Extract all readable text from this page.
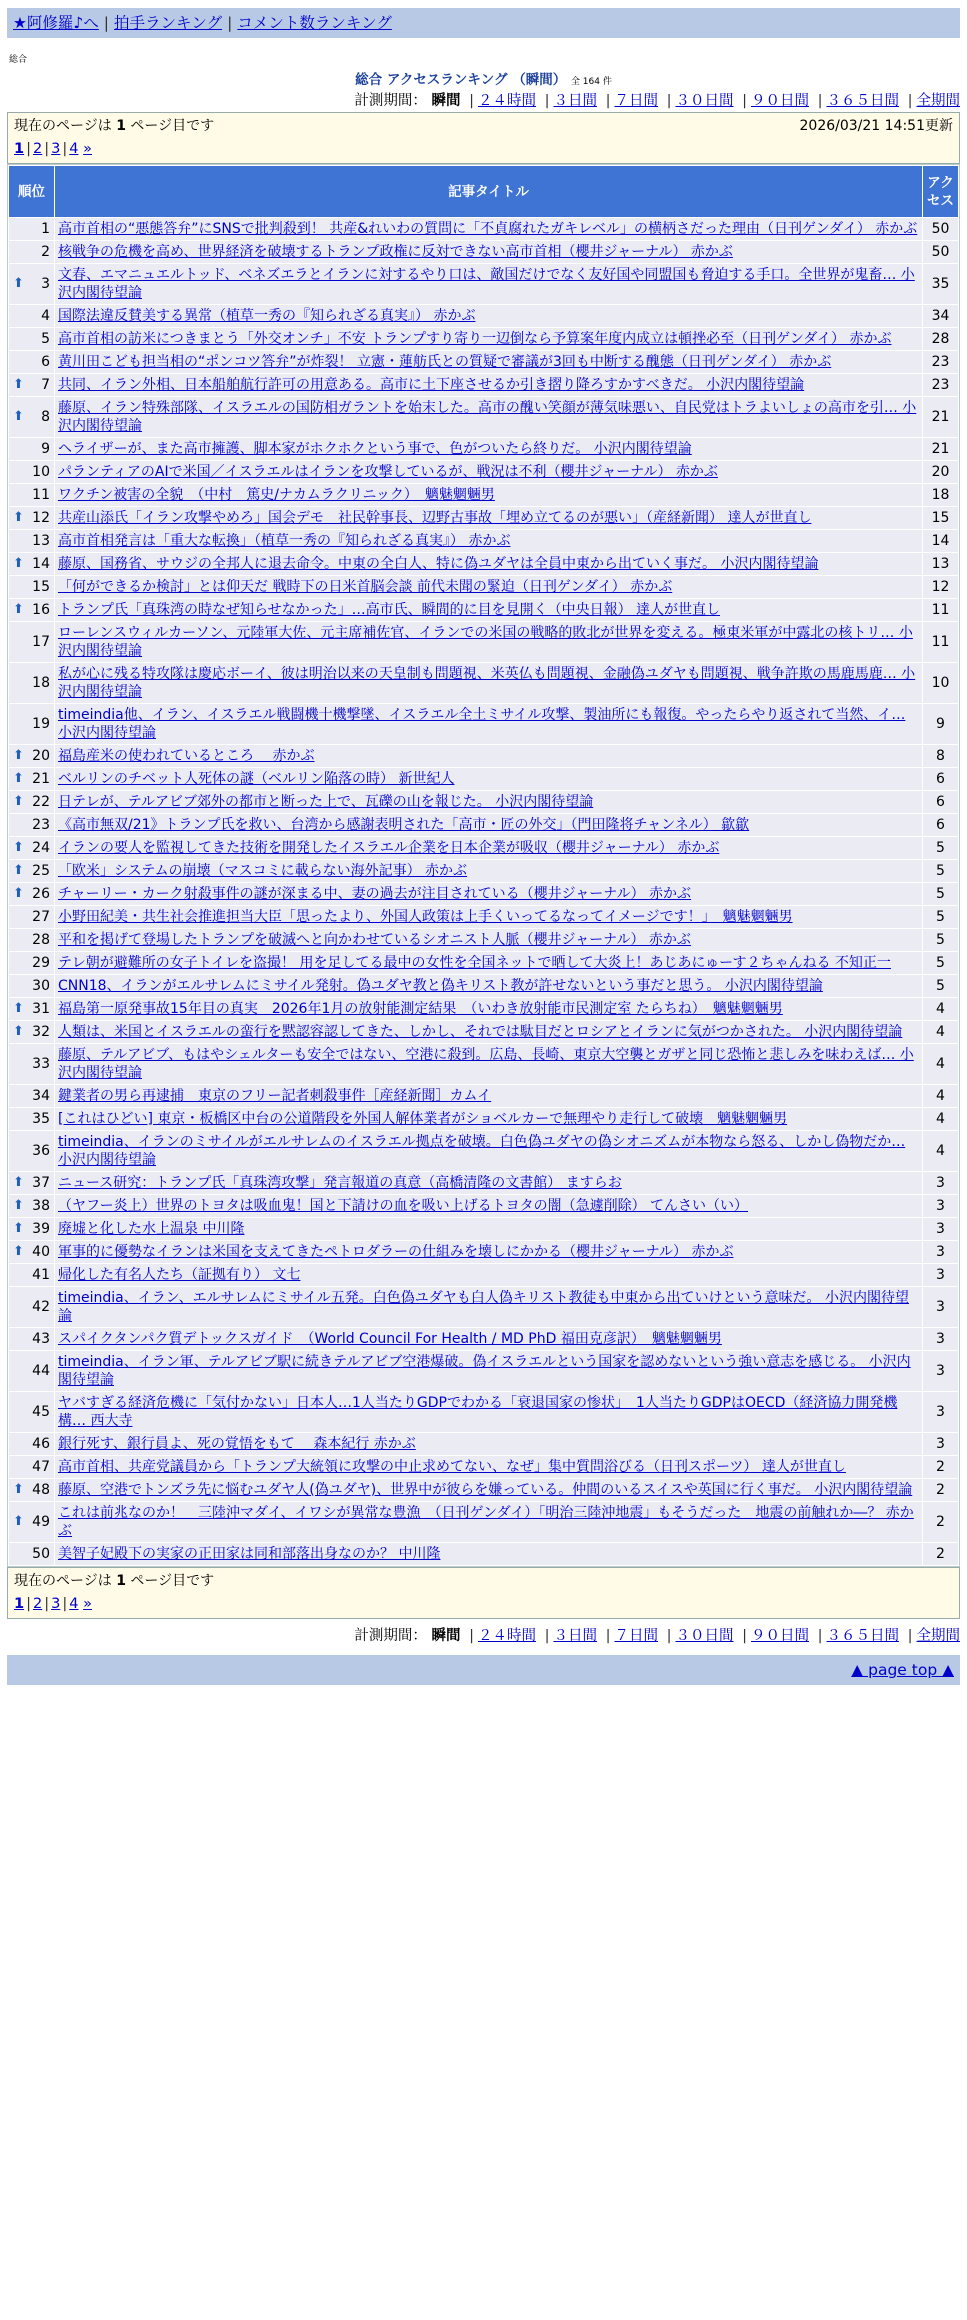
★阿修羅♪へ | 拍手ランキング | コメント数ランキング
総合
総合 アクセスランキング （瞬間） 全 164 件
計測期間： 瞬間 | ２４時間 | ３日間 | ７日間 | ３０日間 | ９０日間 | ３６５日間 | 全期間
現在のページは 1 ページ目です	2026/03/21 14:51更新
1 | 2 | 3 | 4 »
順位	記事タイトル	アクセス
1	高市首相の“悪態答弁”にSNSで批判殺到！ 共産&れいわの質問に「不貞腐れたガキレベル」の横柄さだった理由（日刊ゲンダイ） 赤かぶ	50
2	核戦争の危機を高め、世界経済を破壊するトランプ政権に反対できない高市首相（櫻井ジャーナル） 赤かぶ	50

⬆ 3	文春、エマニュエルトッド、ベネズエラとイランに対するやり口は、敵国だけでなく友好国や同盟国も脅迫する手口。全世界が鬼畜… 小沢内閣待望論	35
4	国際法違反賛美する異常（植草一秀の『知られざる真実』） 赤かぶ	34
5	高市首相の訪米につきまとう「外交オンチ」不安 トランプすり寄り一辺倒なら予算案年度内成立は頓挫必至（日刊ゲンダイ） 赤かぶ	28
6	黄川田こども担当相の“ポンコツ答弁”が炸裂！ 立憲・蓮舫氏との質疑で審議が3回も中断する醜態（日刊ゲンダイ） 赤かぶ	23

⬆ 7	共同、イラン外相、日本船舶航行許可の用意ある。高市に土下座させるか引き摺り降ろすかすべきだ。 小沢内閣待望論	23

⬆ 8	藤原、イラン特殊部隊、イスラエルの国防相ガラントを始末した。高市の醜い笑顔が薄気味悪い、自民党はトラよいしょの高市を引… 小沢内閣待望論	21
9	ヘライザーが、また高市擁護、脚本家がホクホクという事で、色がついたら終りだ。 小沢内閣待望論	21
10	パランティアのAIで米国／イスラエルはイランを攻撃しているが、戦況は不利（櫻井ジャーナル） 赤かぶ	20
11	ワクチン被害の全貌　（中村　篤史/ナカムラクリニック）　魑魅魍魎男	18

⬆ 12	共産山添氏「イラン攻撃やめろ」国会デモ　社民幹事長、辺野古事故「埋め立てるのが悪い」（産経新聞） 達人が世直し	15
13	高市首相発言は「重大な転換」（植草一秀の『知られざる真実』） 赤かぶ	14

⬆ 14	藤原、国務省、サウジの全邦人に退去命令。中東の全白人、特に偽ユダヤは全員中東から出ていく事だ。 小沢内閣待望論	13
15	「何ができるか検討」とは仰天だ 戦時下の日米首脳会談 前代未聞の緊迫（日刊ゲンダイ） 赤かぶ	12

⬆ 16	トランプ氏「真珠湾の時なぜ知らせなかった」…高市氏、瞬間的に目を見開く（中央日報） 達人が世直し	11
17	ローレンスウィルカーソン、元陸軍大佐、元主席補佐官、イランでの米国の戦略的敗北が世界を変える。極東米軍が中露北の核トリ… 小沢内閣待望論	11
18	私が心に残る特攻隊は慶応ボーイ、彼は明治以来の天皇制も問題視、米英仏も問題視、金融偽ユダヤも問題視、戦争許欺の馬鹿馬鹿… 小沢内閣待望論	10
19	timeindia他、イラン、イスラエル戦闘機十機撃墜、イスラエル全土ミサイル攻撃、製油所にも報復。やったらやり返されて当然、イ… 小沢内閣待望論	9

⬆ 20	福島産米の使われているところ　 赤かぶ	8

⬆ 21	ベルリンのチベット人死体の謎（ベルリン陥落の時） 新世紀人	6

⬆ 22	日テレが、テルアビブ郊外の都市と断った上で、瓦礫の山を報じた。 小沢内閣待望論	6
23	《高市無双/21》トランプ氏を救い、台湾から感謝表明された「高市・匠の外交」（門田隆将チャンネル） 歙歙	6

⬆ 24	イランの要人を監視してきた技術を開発したイスラエル企業を日本企業が吸収（櫻井ジャーナル） 赤かぶ	5

⬆ 25	「欧米」システムの崩壊（マスコミに載らない海外記事） 赤かぶ	5

⬆ 26	チャーリー・カーク射殺事件の謎が深まる中、妻の過去が注目されている（櫻井ジャーナル） 赤かぶ	5
27	小野田紀美・共生社会推進担当大臣「思ったより、外国人政策は上手くいってるなってイメージです！」　魑魅魍魎男	5
28	平和を掲げて登場したトランプを破滅へと向かわせているシオニスト人脈（櫻井ジャーナル） 赤かぶ	5
29	テレ朝が避難所の女子トイレを盗撮！ 用を足してる最中の女性を全国ネットで晒して大炎上！あじあにゅーす２ちゃんねる 不知正一	5
30	CNN18、イランがエルサレムにミサイル発射。偽ユダヤ教と偽キリスト教が許せないという事だと思う。 小沢内閣待望論	5

⬆ 31	福島第一原発事故15年目の真実　2026年1月の放射能測定結果　（いわき放射能市民測定室 たらちね）　魑魅魍魎男	4

⬆ 32	人類は、米国とイスラエルの蛮行を黙認容認してきた、しかし、それでは駄目だとロシアとイランに気がつかされた。 小沢内閣待望論	4
33	藤原、テルアビブ、もはやシェルターも安全ではない、空港に殺到。広島、長崎、東京大空襲とガザと同じ恐怖と悲しみを味わえば… 小沢内閣待望論	4
34	鍵業者の男ら再逮捕　東京のフリー記者刺殺事件［産経新聞］カムイ	4
35	[これはひどい] 東京・板橋区中台の公道階段を外国人解体業者がショベルカーで無理やり走行して破壊　魑魅魍魎男	4
36	timeindia、イランのミサイルがエルサレムのイスラエル拠点を破壊。白色偽ユダヤの偽シオニズムが本物なら怒る、しかし偽物だか… 小沢内閣待望論	4

⬆ 37	ニュース研究：トランプ氏「真珠湾攻撃」発言報道の真意（高橋清隆の文書館） ますらお	3

⬆ 38	（ヤフー炎上）世界のトヨタは吸血鬼！国と下請けの血を吸い上げるトヨタの闇（急遽削除） てんさい（い）	3

⬆ 39	廃墟と化した水上温泉 中川隆	3

⬆ 40	軍事的に優勢なイランは米国を支えてきたペトロダラーの仕組みを壊しにかかる（櫻井ジャーナル） 赤かぶ	3
41	帰化した有名人たち（証拠有り） 文七	3
42	timeindia、イラン、エルサレムにミサイル五発。白色偽ユダヤも白人偽キリスト教徒も中東から出ていけという意味だ。 小沢内閣待望論	3
43	スパイクタンパク質デトックスガイド　（World Council For Health / MD PhD 福田克彦訳）　魑魅魍魎男	3
44	timeindia、イラン軍、テルアビブ駅に続きテルアビブ空港爆破。偽イスラエルという国家を認めないという強い意志を感じる。 小沢内閣待望論	3
45	ヤバすぎる経済危機に「気付かない」日本人…1人当たりGDPでわかる「衰退国家の惨状」　1人当たりGDPはOECD（経済協力開発機構… 西大寺	3
46	銀行死す、銀行員よ、死の覚悟をもて　 森本紀行 赤かぶ	3
47	高市首相、共産党議員から「トランプ大統領に攻撃の中止求めてない、なぜ」集中質問浴びる（日刊スポーツ） 達人が世直し	2

⬆ 48	藤原、空港でトンズラ先に悩むユダヤ人(偽ユダヤ)、世界中が彼らを嫌っている。仲間のいるスイスや英国に行く事だ。 小沢内閣待望論	2

⬆ 49	これは前兆なのか！　三陸沖マダイ、イワシが異常な豊漁　（日刊ゲンダイ）「明治三陸沖地震」もそうだった　地震の前触れか―？ 赤かぶ	2
50	美智子妃殿下の実家の正田家は同和部落出身なのか？ 中川隆	2
現在のページは 1 ページ目です
1 | 2 | 3 | 4 »
計測期間： 瞬間 | ２４時間 | ３日間 | ７日間 | ３０日間 | ９０日間 | ３６５日間 | 全期間
▲ page top ▲
